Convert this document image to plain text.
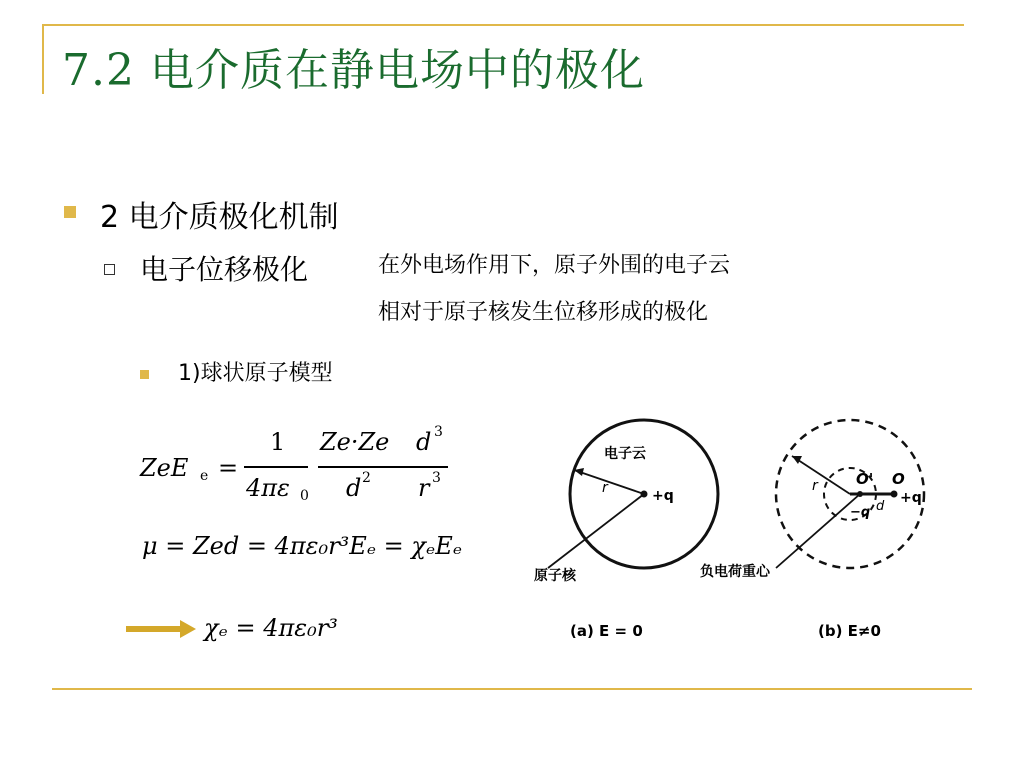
7.2 电介质在静电场中的极化
2 电介质极化机制
电子位移极化	在外电场作用下，原子外围的电子云
相对于原子核发生位移形成的极化
1)球状原子模型
ZeE e =
1
4πε 0
Ze·Ze
d 2
d 3
r 3
μ = Zed = 4πε₀r³Eₑ = χₑEₑ
χₑ = 4πε₀r³
电子云
r	+q
原子核
(a) E = 0
r	O' O
−q d
+q
负电荷重心
(b) E≠0
